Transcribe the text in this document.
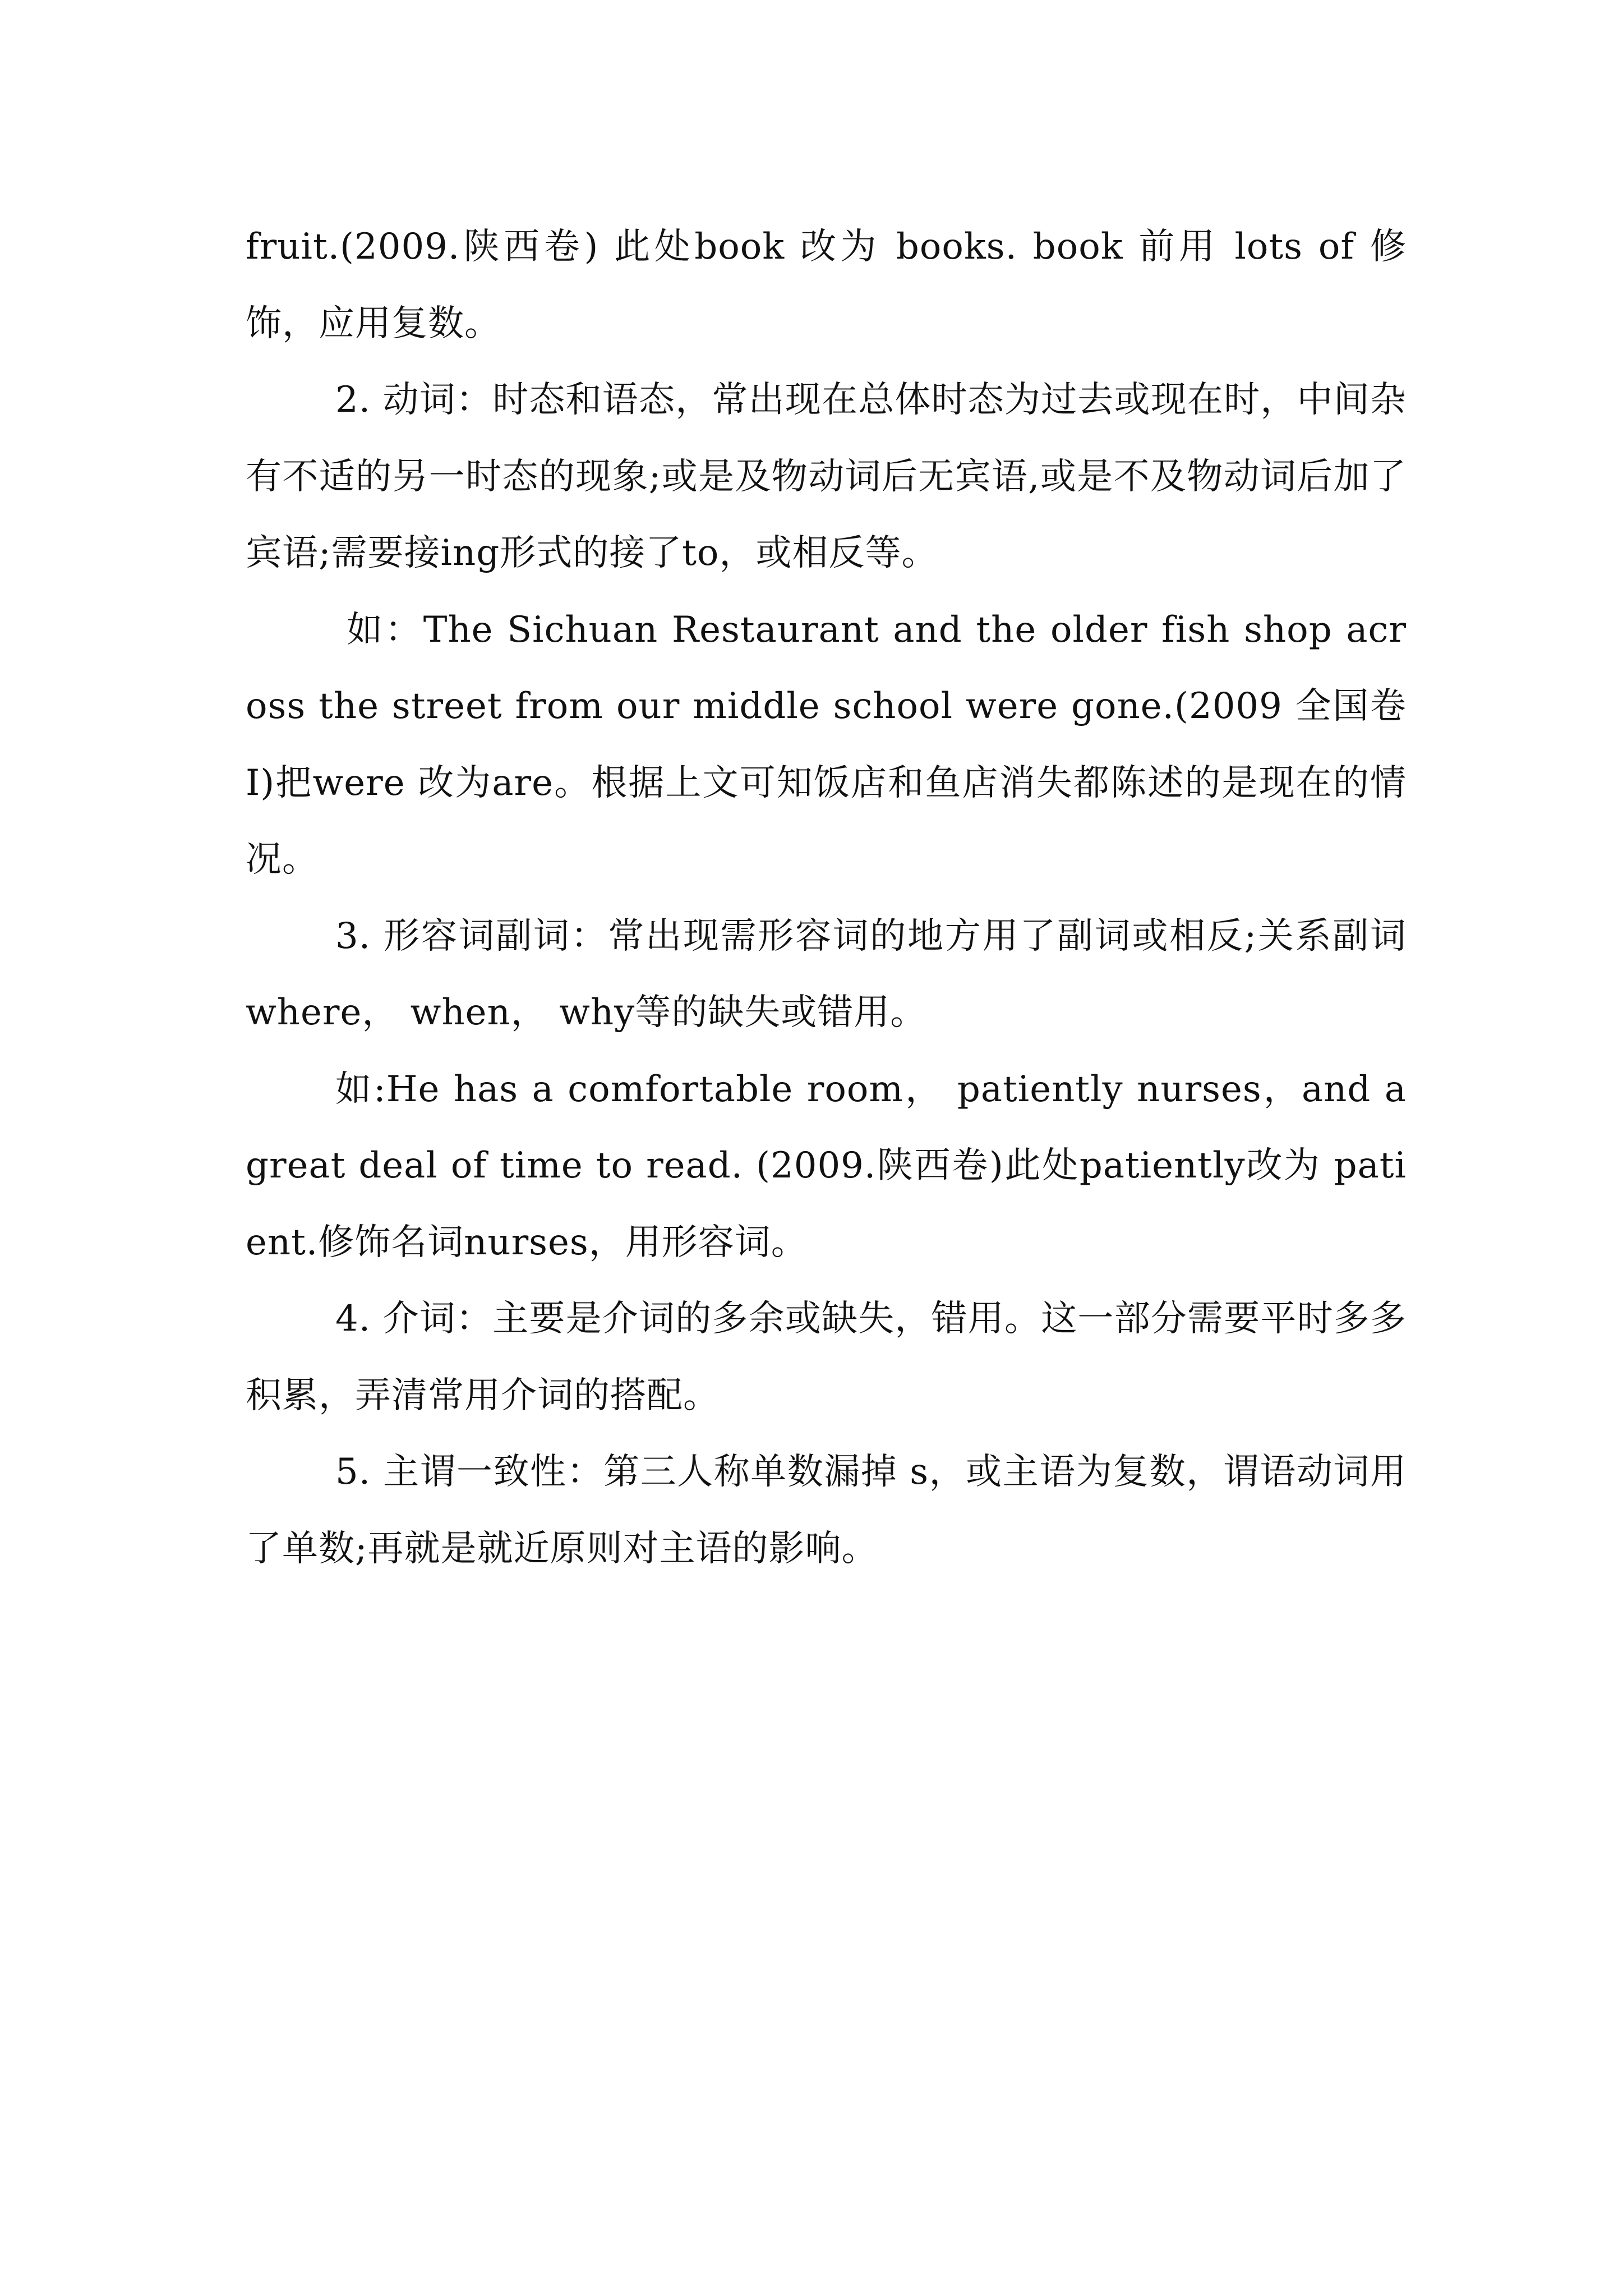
fruit.(2009.陕西卷) 此处book 改为 books. book 前用 lots of 修饰，应用复数。

2. 动词：时态和语态，常出现在总体时态为过去或现在时，中间杂有不适的另一时态的现象;或是及物动词后无宾语,或是不及物动词后加了宾语;需要接ing形式的接了to，或相反等。

如：The Sichuan Restaurant and the older fish shop across the street from our middle school were gone.(2009 全国卷 I)把were 改为are。根据上文可知饭店和鱼店消失都陈述的是现在的情况。

3. 形容词副词：常出现需形容词的地方用了副词或相反;关系副词where， when， why等的缺失或错用。

如:He has a comfortable room， patiently nurses，and a great deal of time to read. (2009.陕西卷)此处patiently改为 patient.修饰名词nurses，用形容词。

4. 介词：主要是介词的多余或缺失，错用。这一部分需要平时多多积累，弄清常用介词的搭配。

5. 主谓一致性：第三人称单数漏掉 s，或主语为复数，谓语动词用了单数;再就是就近原则对主语的影响。
